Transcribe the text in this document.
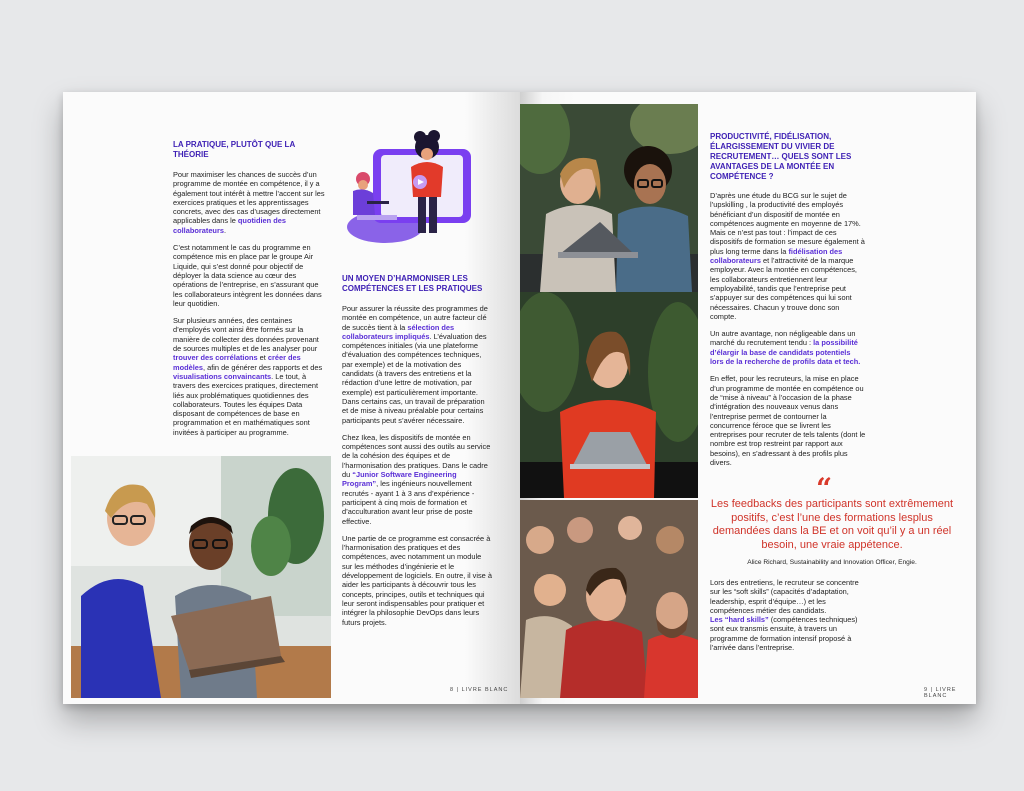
LA PRATIQUE, PLUTÔT QUE LA THÉORIE

Pour maximiser les chances de succès d’un programme de montée en compétence, il y a également tout intérêt à mettre l’accent sur les exercices pratiques et les apprentissages concrets, avec des cas d’usages directement applicables dans le quotidien des collaborateurs.

C’est notamment le cas du programme en compétence mis en place par le groupe Air Liquide, qui s’est donné pour objectif de déployer la data science au cœur des opérations de l’entreprise, en s’assurant que les collaborateurs intègrent les données dans leur quotidien.

Sur plusieurs années, des centaines d’employés vont ainsi être formés sur la manière de collecter des données provenant de sources multiples et de les analyser pour trouver des corrélations et créer des modèles, afin de générer des rapports et des visualisations convaincants. Le tout, à travers des exercices pratiques, directement liés aux problématiques quotidiennes des collaborateurs. Toutes les équipes Data disposant de compétences de base en programmation et en mathématiques sont invitées à participer au programme.

UN MOYEN D’HARMONISER LES COMPÉTENCES ET LES PRATIQUES

Pour assurer la réussite des programmes de montée en compétence, un autre facteur clé de succès tient à la sélection des collaborateurs impliqués. L’évaluation des compétences initiales (via une plateforme d’évaluation des compétences techniques, par exemple) et de la motivation des candidats (à travers des entretiens et la rédaction d’une lettre de motivation, par exemple) est particulièrement importante. Dans certains cas, un travail de préparation et de mise à niveau préalable pour certains participants peut s’avérer nécessaire.

Chez Ikea, les dispositifs de montée en compétences sont aussi des outils au service de la cohésion des équipes et de l’harmonisation des pratiques. Dans le cadre du “Junior Software Engineering Program”, les ingénieurs nouvellement recrutés - ayant 1 à 3 ans d’expérience - participent à cinq mois de formation et d’acculturation avant leur prise de poste effective.

Une partie de ce programme est consacrée à l’harmonisation des pratiques et des compétences, avec notamment un module sur les méthodes d’ingénierie et le développement de logiciels. En outre, il vise à aider les participants à découvrir tous les concepts, principes, outils et techniques qui leur seront indispensables pour pratiquer et intégrer la philosophie DevOps dans leurs futurs projets.

8 | LIVRE BLANC
PRODUCTIVITÉ, FIDÉLISATION, ÉLARGISSEMENT DU VIVIER DE RECRUTEMENT… QUELS SONT LES AVANTAGES DE LA MONTÉE EN COMPÉTENCE ?

D’après une étude du BCG sur le sujet de l’upskilling , la productivité des employés bénéficiant d’un dispositif de montée en compétences augmente en moyenne de 17%. Mais ce n’est pas tout : l’impact de ces dispositifs de formation se mesure également à plus long terme dans la fidélisation des collaborateurs et l’attractivité de la marque employeur. Avec la montée en compétences, les collaborateurs entretiennent leur employabilité, tandis que l’entreprise peut s’appuyer sur des compétences qui lui sont nécessaires. Chacun y trouve donc son compte.

Un autre avantage, non négligeable dans un marché du recrutement tendu : la possibilité d’élargir la base de candidats potentiels lors de la recherche de profils data et tech.

En effet, pour les recruteurs, la mise en place d’un programme de montée en compétence ou de “mise à niveau” à l’occasion de la phase d’intégration des nouveaux venus dans l’entreprise permet de contourner la concurrence féroce que se livrent les entreprises pour recruter de tels talents (dont le nombre est trop restreint par rapport aux besoins), en s’adressant à des profils plus divers.

“
Les feedbacks des participants sont extrêmement positifs, c’est l’une des formations lesplus demandées dans la BE et on voit qu’il y a un réel besoin, une vraie appétence.
Alice Richard, Sustainability and Innovation Officer, Engie.

Lors des entretiens, le recruteur se concentre sur les “soft skills” (capacités d’adaptation, leadership, esprit d’équipe…) et les compétences métier des candidats.

Les “hard skills” (compétences techniques) sont eux transmis ensuite, à travers un programme de formation intensif proposé à l’arrivée dans l’entreprise.

9 | LIVRE BLANC
